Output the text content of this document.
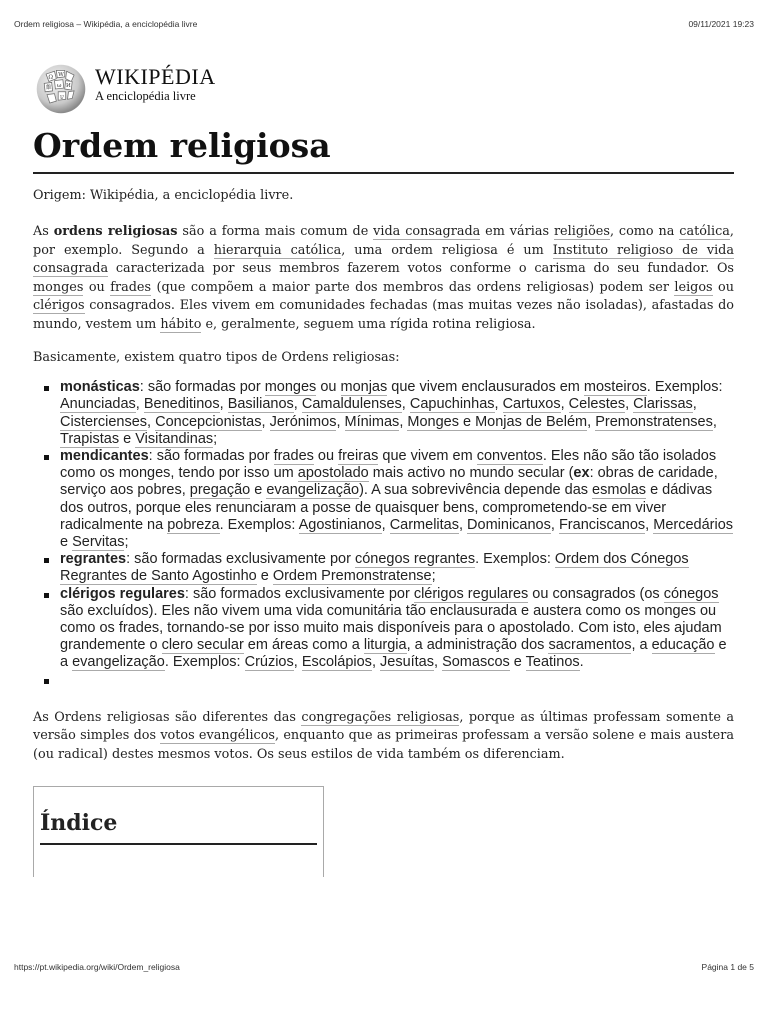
Ordem religiosa – Wikipédia, a enciclopédia livre	09/11/2021 19:23
Ω W
ω И
維
ש
WIKIPÉDIA
A enciclopédia livre
Ordem religiosa
Origem: Wikipédia, a enciclopédia livre.

As ordens religiosas são a forma mais comum de vida consagrada em várias religiões, como na católica, por exemplo. Segundo a hierarquia católica, uma ordem religiosa é um Instituto religioso de vida consagrada caracterizada por seus membros fazerem votos conforme o carisma do seu fundador. Os monges ou frades (que compõem a maior parte dos membros das ordens religiosas) podem ser leigos ou clérigos consagrados. Eles vivem em comunidades fechadas (mas muitas vezes não isoladas), afastadas do mundo, vestem um hábito e, geralmente, seguem uma rígida rotina religiosa.

Basicamente, existem quatro tipos de Ordens religiosas:

monásticas: são formadas por monges ou monjas que vivem enclausurados em mosteiros. Exemplos: Anunciadas, Beneditinos, Basilianos, Camaldulenses, Capuchinhas, Cartuxos, Celestes, Clarissas, Cistercienses, Concepcionistas, Jerónimos, Mínimas, Monges e Monjas de Belém, Premonstratenses, Trapistas e Visitandinas;
mendicantes: são formadas por frades ou freiras que vivem em conventos. Eles não são tão isolados como os monges, tendo por isso um apostolado mais activo no mundo secular (ex: obras de caridade, serviço aos pobres, pregação e evangelização). A sua sobrevivência depende das esmolas e dádivas dos outros, porque eles renunciaram a posse de quaisquer bens, comprometendo-se em viver radicalmente na pobreza. Exemplos: Agostinianos, Carmelitas, Dominicanos, Franciscanos, Mercedários e Servitas;
regrantes: são formadas exclusivamente por cónegos regrantes. Exemplos: Ordem dos Cónegos Regrantes de Santo Agostinho e Ordem Premonstratense;
clérigos regulares: são formados exclusivamente por clérigos regulares ou consagrados (os cónegos são excluídos). Eles não vivem uma vida comunitária tão enclausurada e austera como os monges ou como os frades, tornando-se por isso muito mais disponíveis para o apostolado. Com isto, eles ajudam grandemente o clero secular em áreas como a liturgia, a administração dos sacramentos, a educação e a evangelização. Exemplos: Crúzios, Escolápios, Jesuítas, Somascos e Teatinos.

As Ordens religiosas são diferentes das congregações religiosas, porque as últimas professam somente a versão simples dos votos evangélicos, enquanto que as primeiras professam a versão solene e mais austera (ou radical) destes mesmos votos. Os seus estilos de vida também os diferenciam.

Índice
https://pt.wikipedia.org/wiki/Ordem_religiosa	Página 1 de 5
